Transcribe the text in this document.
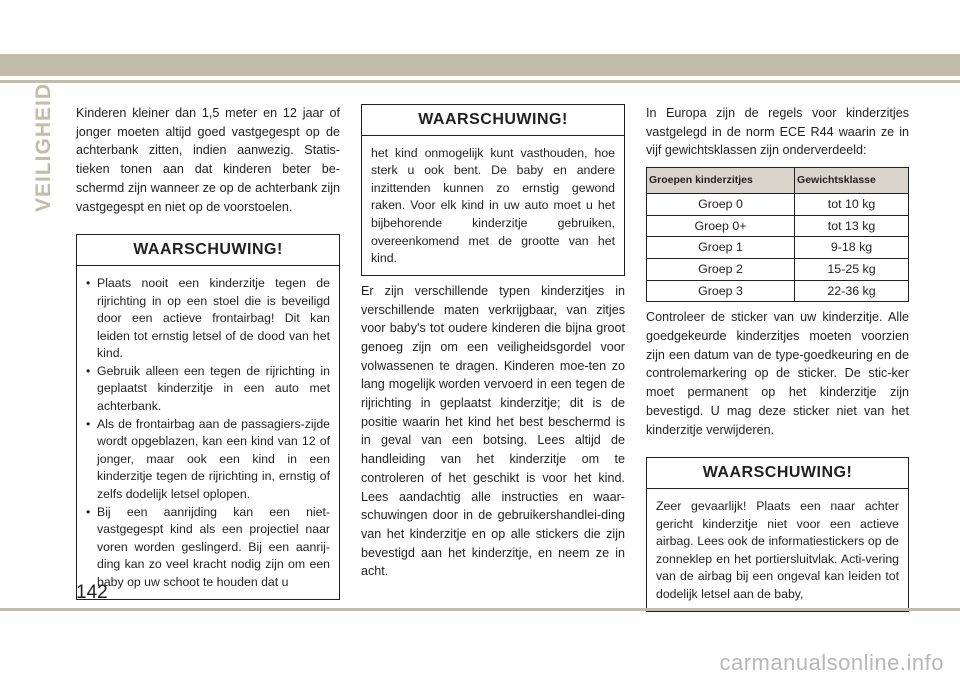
VEILIGHEID Kinderen kleiner dan 1,5 meter en 12 jaar of jonger moeten altijd goed vastgegespt op de achterbank zitten, indien aanwezig. Statis-tieken tonen aan dat kinderen beter be-schermd zijn wanneer ze op de achterbank zijn vastgegespt en niet op de voorstoelen.

WAARSCHUWING!
• Plaats nooit een kinderzitje tegen de rijrichting in op een stoel die is beveiligd door een actieve frontairbag! Dit kan leiden tot ernstig letsel of de dood van het kind.
• Gebruik alleen een tegen de rijrichting in geplaatst kinderzitje in een auto met achterbank.
• Als de frontairbag aan de passagiers-zijde wordt opgeblazen, kan een kind van 12 of jonger, maar ook een kind in een kinderzitje tegen de rijrichting in, ernstig of zelfs dodelijk letsel oplopen.
• Bij een aanrijding kan een niet-vastgegespt kind als een projectiel naar voren worden geslingerd. Bij een aanrij-ding kan zo veel kracht nodig zijn om een baby op uw schoot te houden dat u
WAARSCHUWING!
het kind onmogelijk kunt vasthouden, hoe sterk u ook bent. De baby en andere inzittenden kunnen zo ernstig gewond raken. Voor elk kind in uw auto moet u het bijbehorende kinderzitje gebruiken, overeenkomend met de grootte van het kind.

Er zijn verschillende typen kinderzitjes in verschillende maten verkrijgbaar, van zitjes voor baby's tot oudere kinderen die bijna groot genoeg zijn om een veiligheidsgordel voor volwassenen te dragen. Kinderen moe-ten zo lang mogelijk worden vervoerd in een tegen de rijrichting in geplaatst kinderzitje; dit is de positie waarin het kind het best beschermd is in geval van een botsing. Lees altijd de handleiding van het kinderzitje om te controleren of het geschikt is voor het kind. Lees aandachtig alle instructies en waar-schuwingen door in de gebruikershandlei-ding van het kinderzitje en op alle stickers die zijn bevestigd aan het kinderzitje, en neem ze in acht.

In Europa zijn de regels voor kinderzitjes vastgelegd in de norm ECE R44 waarin ze in vijf gewichtsklassen zijn onderverdeeld:

Groepen kinderzitjes	Gewichtsklasse
Groep 0	tot 10 kg
Groep 0+	tot 13 kg
Groep 1	9-18 kg
Groep 2	15-25 kg
Groep 3	22-36 kg

Controleer de sticker van uw kinderzitje. Alle goedgekeurde kinderzitjes moeten voorzien zijn een datum van de type-goedkeuring en de controlemarkering op de sticker. De stic-ker moet permanent op het kinderzitje zijn bevestigd. U mag deze sticker niet van het kinderzitje verwijderen.

WAARSCHUWING!
Zeer gevaarlijk! Plaats een naar achter gericht kinderzitje niet voor een actieve airbag. Lees ook de informatiestickers op de zonneklep en het portiersluitvlak. Acti-vering van de airbag bij een ongeval kan leiden tot dodelijk letsel aan de baby,
142
carmanualsonline.info
